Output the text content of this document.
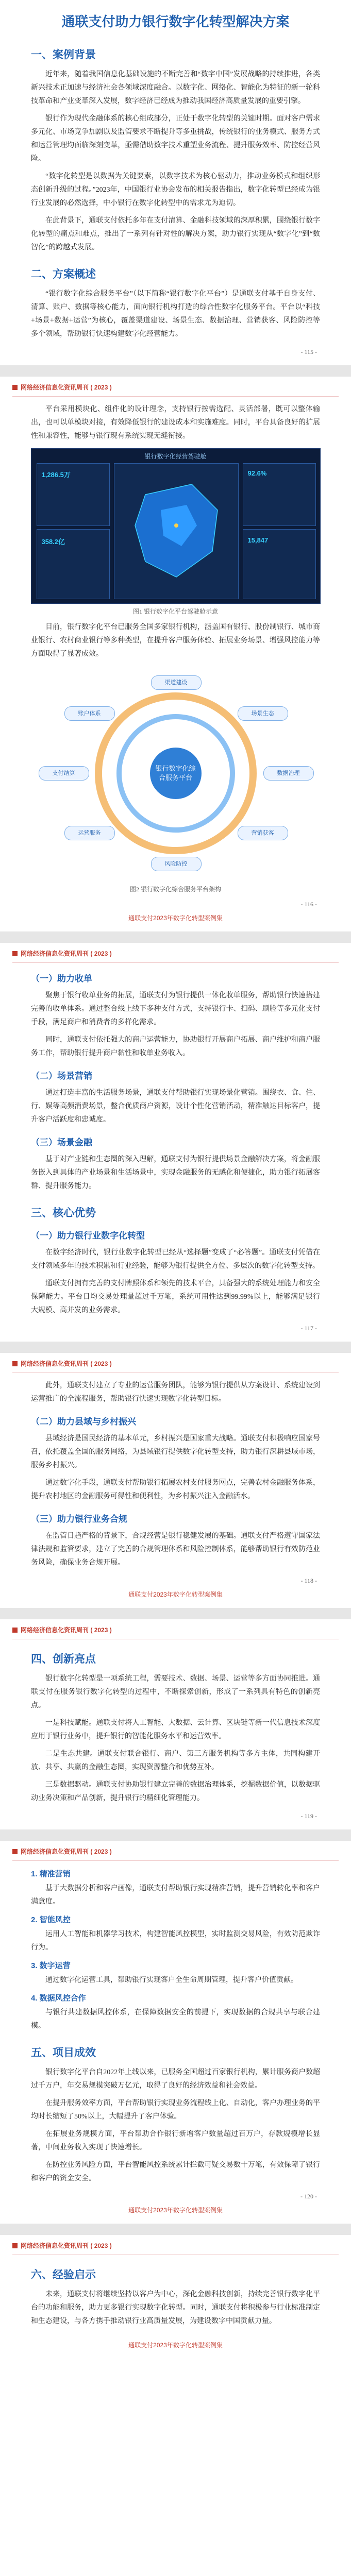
通联支付助力银行数字化转型解决方案
一、案例背景

近年来，随着我国信息化基础设施的不断完善和“数字中国”发展战略的持续推进，各类新兴技术正加速与经济社会各领域深度融合。以数字化、网络化、智能化为特征的新一轮科技革命和产业变革深入发展，数字经济已经成为推动我国经济高质量发展的重要引擎。

银行作为现代金融体系的核心组成部分，正处于数字化转型的关键时期。面对客户需求多元化、市场竞争加剧以及监管要求不断提升等多重挑战，传统银行的业务模式、服务方式和运营管理均面临深刻变革，亟需借助数字技术重塑业务流程、提升服务效率、防控经营风险。

“数字化转型是以数据为关键要素，以数字技术为核心驱动力，推动业务模式和组织形态创新升级的过程。”2023年，中国银行业协会发布的相关报告指出，数字化转型已经成为银行业发展的必然选择，中小银行在数字化转型中的需求尤为迫切。

在此背景下，通联支付依托多年在支付清算、金融科技领域的深厚积累，围绕银行数字化转型的痛点和难点，推出了一系列有针对性的解决方案，助力银行实现从“数字化”到“数智化”的跨越式发展。

二、方案概述

“银行数字化综合服务平台”（以下简称“银行数字化平台”）是通联支付基于自身支付、清算、账户、数据等核心能力，面向银行机构打造的综合性数字化服务平台。平台以“科技+场景+数据+运营”为核心，覆盖渠道建设、场景生态、数据治理、营销获客、风险防控等多个领域，帮助银行快速构建数字化经营能力。

- 115 -
网络经济信息化资讯周刊 ( 2023 )

平台采用模块化、组件化的设计理念，支持银行按需选配、灵活部署，既可以整体输出，也可以单模块对接，有效降低银行的建设成本和实施难度。同时，平台具备良好的扩展性和兼容性，能够与银行现有系统实现无缝衔接。

银行数字化经营驾驶舱
1,286.5万
358.2亿
92.6%
15,847
图1 银行数字化平台驾驶舱示意

目前，银行数字化平台已服务全国多家银行机构，涵盖国有银行、股份制银行、城市商业银行、农村商业银行等多种类型，在提升客户服务体验、拓展业务场景、增强风控能力等方面取得了显著成效。

银行数字化综合服务平台
渠道建设
场景生态
数据治理
营销获客
风险防控
运营服务
支付结算
账户体系
图2 银行数字化综合服务平台架构
- 116 -
通联支付2023年数字化转型案例集
网络经济信息化资讯周刊 ( 2023 )
（一）助力收单

聚焦于银行收单业务的拓展，通联支付为银行提供一体化收单服务，帮助银行快速搭建完善的收单体系。通过整合线上线下多种支付方式，支持银行卡、扫码、刷脸等多元化支付手段，满足商户和消费者的多样化需求。

同时，通联支付依托强大的商户运营能力，协助银行开展商户拓展、商户维护和商户服务工作，帮助银行提升商户黏性和收单业务收入。

（二）场景营销

通过打造丰富的生活服务场景，通联支付帮助银行实现场景化营销。围绕衣、食、住、行、娱等高频消费场景，整合优质商户资源，设计个性化营销活动，精准触达目标客户，提升客户活跃度和忠诚度。

（三）场景金融

基于对产业链和生态圈的深入理解，通联支付为银行提供场景金融解决方案，将金融服务嵌入到具体的产业场景和生活场景中，实现金融服务的无感化和便捷化，助力银行拓展客群、提升服务能力。

三、核心优势
（一）助力银行业数字化转型

在数字经济时代，银行业数字化转型已经从“选择题”变成了“必答题”。通联支付凭借在支付领域多年的技术积累和行业经验，能够为银行提供全方位、多层次的数字化转型支持。

通联支付拥有完善的支付牌照体系和领先的技术平台，具备强大的系统处理能力和安全保障能力。平台日均交易处理量超过千万笔，系统可用性达到99.99%以上，能够满足银行大规模、高并发的业务需求。

- 117 -
网络经济信息化资讯周刊 ( 2023 )

此外，通联支付建立了专业的运营服务团队，能够为银行提供从方案设计、系统建设到运营推广的全流程服务，帮助银行快速实现数字化转型目标。

（二）助力县域与乡村振兴

县域经济是国民经济的基本单元，乡村振兴是国家重大战略。通联支付积极响应国家号召，依托覆盖全国的服务网络，为县域银行提供数字化转型支持，助力银行深耕县域市场，服务乡村振兴。

通过数字化手段，通联支付帮助银行拓展农村支付服务网点，完善农村金融服务体系，提升农村地区的金融服务可得性和便利性，为乡村振兴注入金融活水。

（三）助力银行业务合规

在监管日趋严格的背景下，合规经营是银行稳健发展的基础。通联支付严格遵守国家法律法规和监管要求，建立了完善的合规管理体系和风险控制体系，能够帮助银行有效防范业务风险，确保业务合规开展。

- 118 -
通联支付2023年数字化转型案例集
网络经济信息化资讯周刊 ( 2023 )
四、创新亮点

银行数字化转型是一项系统工程，需要技术、数据、场景、运营等多方面协同推进。通联支付在服务银行数字化转型的过程中，不断探索创新，形成了一系列具有特色的创新亮点。

一是科技赋能。通联支付将人工智能、大数据、云计算、区块链等新一代信息技术深度应用于银行业务中，提升银行的智能化服务水平和运营效率。

二是生态共建。通联支付联合银行、商户、第三方服务机构等多方主体，共同构建开放、共享、共赢的金融生态圈，实现资源整合和优势互补。

三是数据驱动。通联支付协助银行建立完善的数据治理体系，挖掘数据价值，以数据驱动业务决策和产品创新，提升银行的精细化管理能力。

- 119 -
网络经济信息化资讯周刊 ( 2023 )
1. 精准营销

基于大数据分析和客户画像，通联支付帮助银行实现精准营销，提升营销转化率和客户满意度。

2. 智能风控

运用人工智能和机器学习技术，构建智能风控模型，实时监测交易风险，有效防范欺诈行为。

3. 数字运营

通过数字化运营工具，帮助银行实现客户全生命周期管理，提升客户价值贡献。

4. 数据风控合作

与银行共建数据风控体系，在保障数据安全的前提下，实现数据的合规共享与联合建模。

五、项目成效

银行数字化平台自2022年上线以来，已服务全国超过百家银行机构，累计服务商户数超过千万户，年交易规模突破万亿元，取得了良好的经济效益和社会效益。

在提升服务效率方面，平台帮助银行实现业务流程线上化、自动化，客户办理业务的平均时长缩短了50%以上，大幅提升了客户体验。

在拓展业务规模方面，平台帮助合作银行新增客户数量超过百万户，存款规模增长显著，中间业务收入实现了快速增长。

在防控业务风险方面，平台智能风控系统累计拦截可疑交易数十万笔，有效保障了银行和客户的资金安全。

- 120 -
通联支付2023年数字化转型案例集
网络经济信息化资讯周刊 ( 2023 )
六、经验启示

未来，通联支付将继续坚持以客户为中心，深化金融科技创新，持续完善银行数字化平台的功能和服务，助力更多银行实现数字化转型。同时，通联支付将积极参与行业标准制定和生态建设，与各方携手推动银行业高质量发展，为建设数字中国贡献力量。

通联支付2023年数字化转型案例集
